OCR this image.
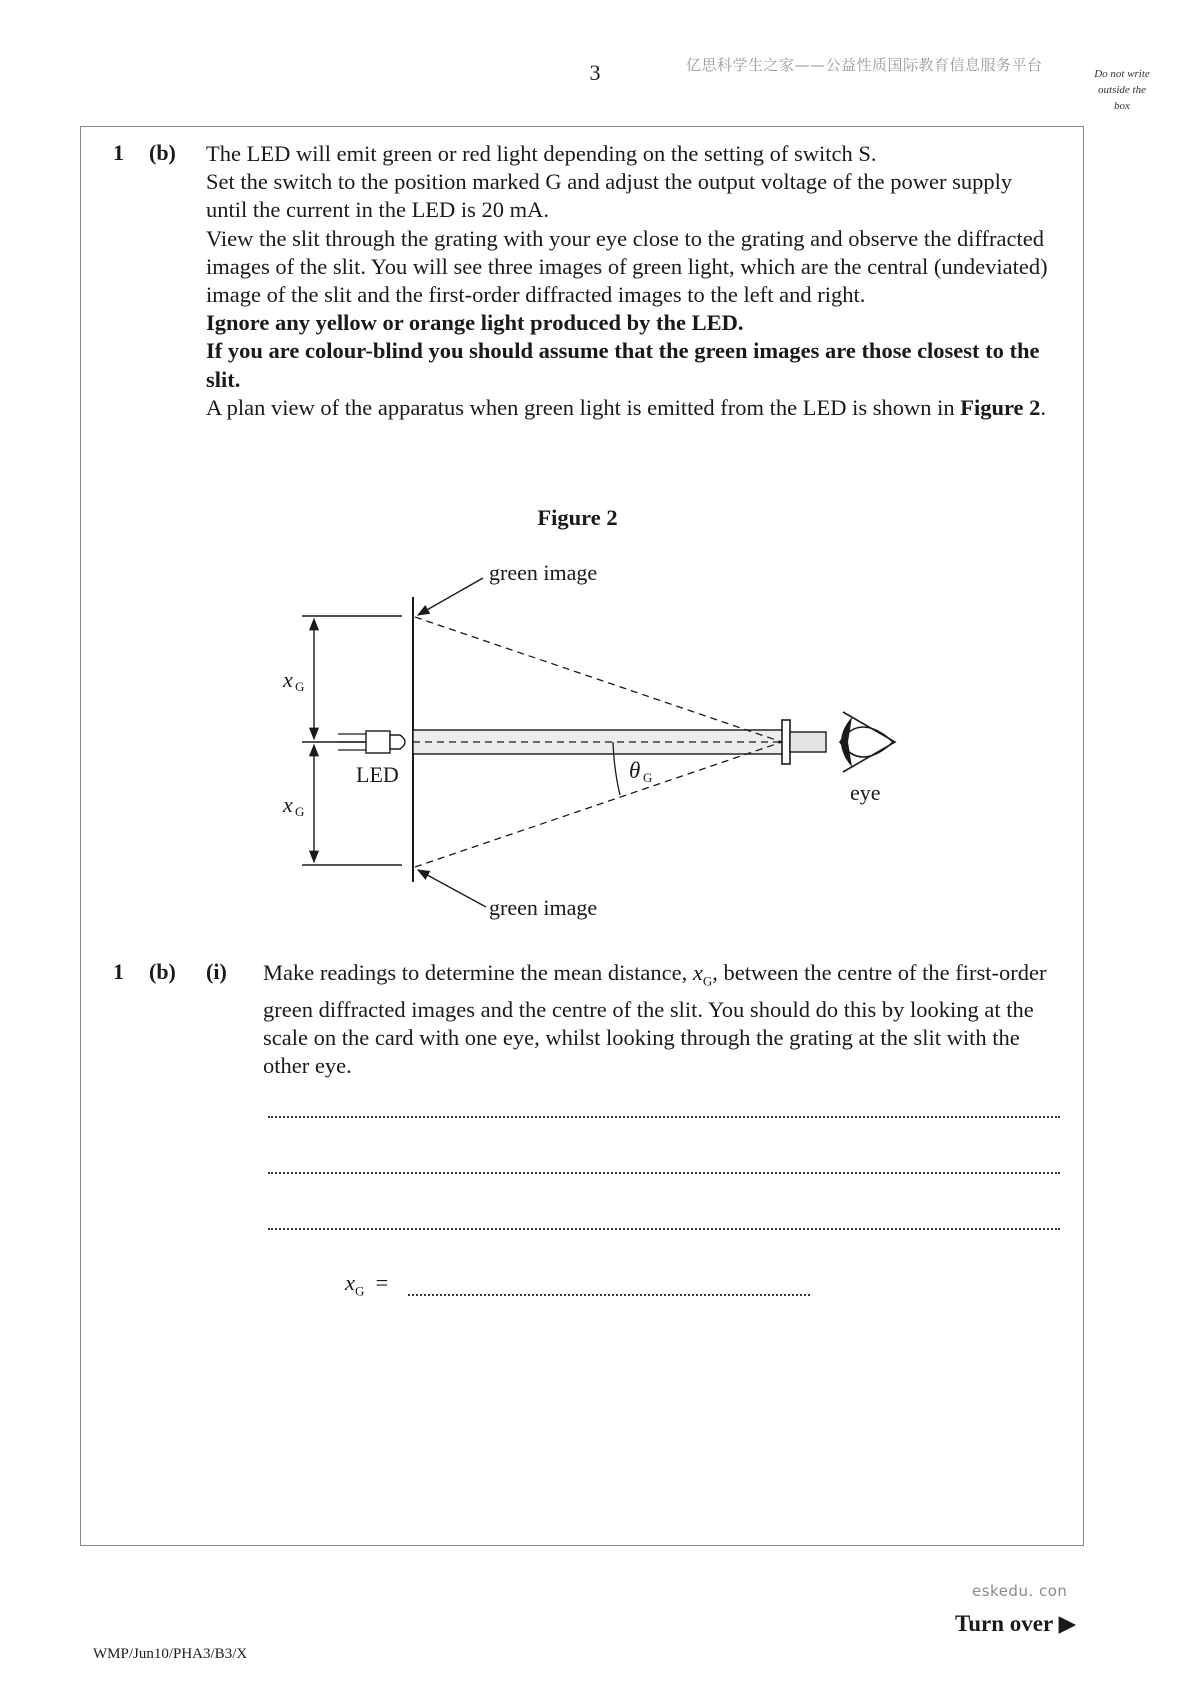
3	亿思科学生之家——公益性质国际教育信息服务平台	Do not write
outside the
box
1 (b) The LED will emit green or red light depending on the setting of switch S.

Set the switch to the position marked G and adjust the output voltage of the power supply until the current in the LED is 20 mA.

View the slit through the grating with your eye close to the grating and observe the diffracted images of the slit. You will see three images of green light, which are the central (undeviated) image of the slit and the first-order diffracted images to the left and right.

Ignore any yellow or orange light produced by the LED.

If you are colour-blind you should assume that the green images are those closest to the slit.

A plan view of the apparatus when green light is emitted from the LED is shown in Figure 2.

Figure 2
green image
green image
LED
eye
x G
x G
θ G
1 (b) (i) Make readings to determine the mean distance, $x_G$, between the centre of the first-order green diffracted images and the centre of the slit. You should do this by looking at the scale on the card with one eye, whilst looking through the grating at the slit with the other eye.
$x_G$ =
eskedu. con
Turn over ▶
WMP/Jun10/PHA3/B3/X
